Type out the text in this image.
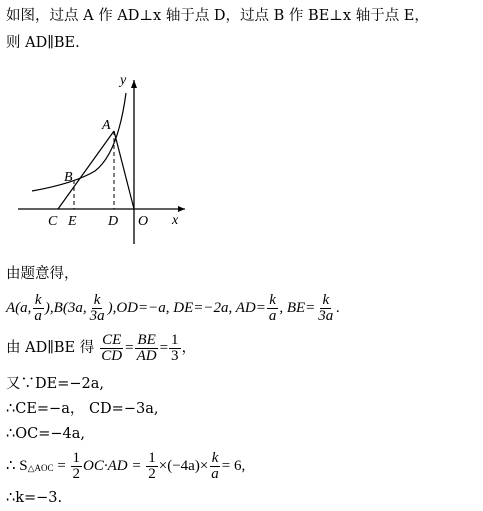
如图，过点 A 作 AD⊥x 轴于点 D，过点 B 作 BE⊥x 轴于点 E，
则 AD∥BE.
y
x
A
B
C E D O
由题意得，
A(a, $\frac{k}{a}$ ), B(3a, $\frac{k}{3a}$ ), OD=−a, DE=−2a, $AD= \frac{k}{a}$ , $BE= \frac{k}{3a}$ .
由 AD∥BE 得 $\frac{CE}{CD} = \frac{BE}{AD} = \frac{1}{3}$ ，
又∵DE=−2a,
∴CE=−a， CD=−3a,
∴OC=−4a,
∴ S △AOC = $\frac{1}{2} OC\cdot AD = \frac{1}{2} \times(-4a)\times \frac{k}{a} = 6$,
∴k=−3.
